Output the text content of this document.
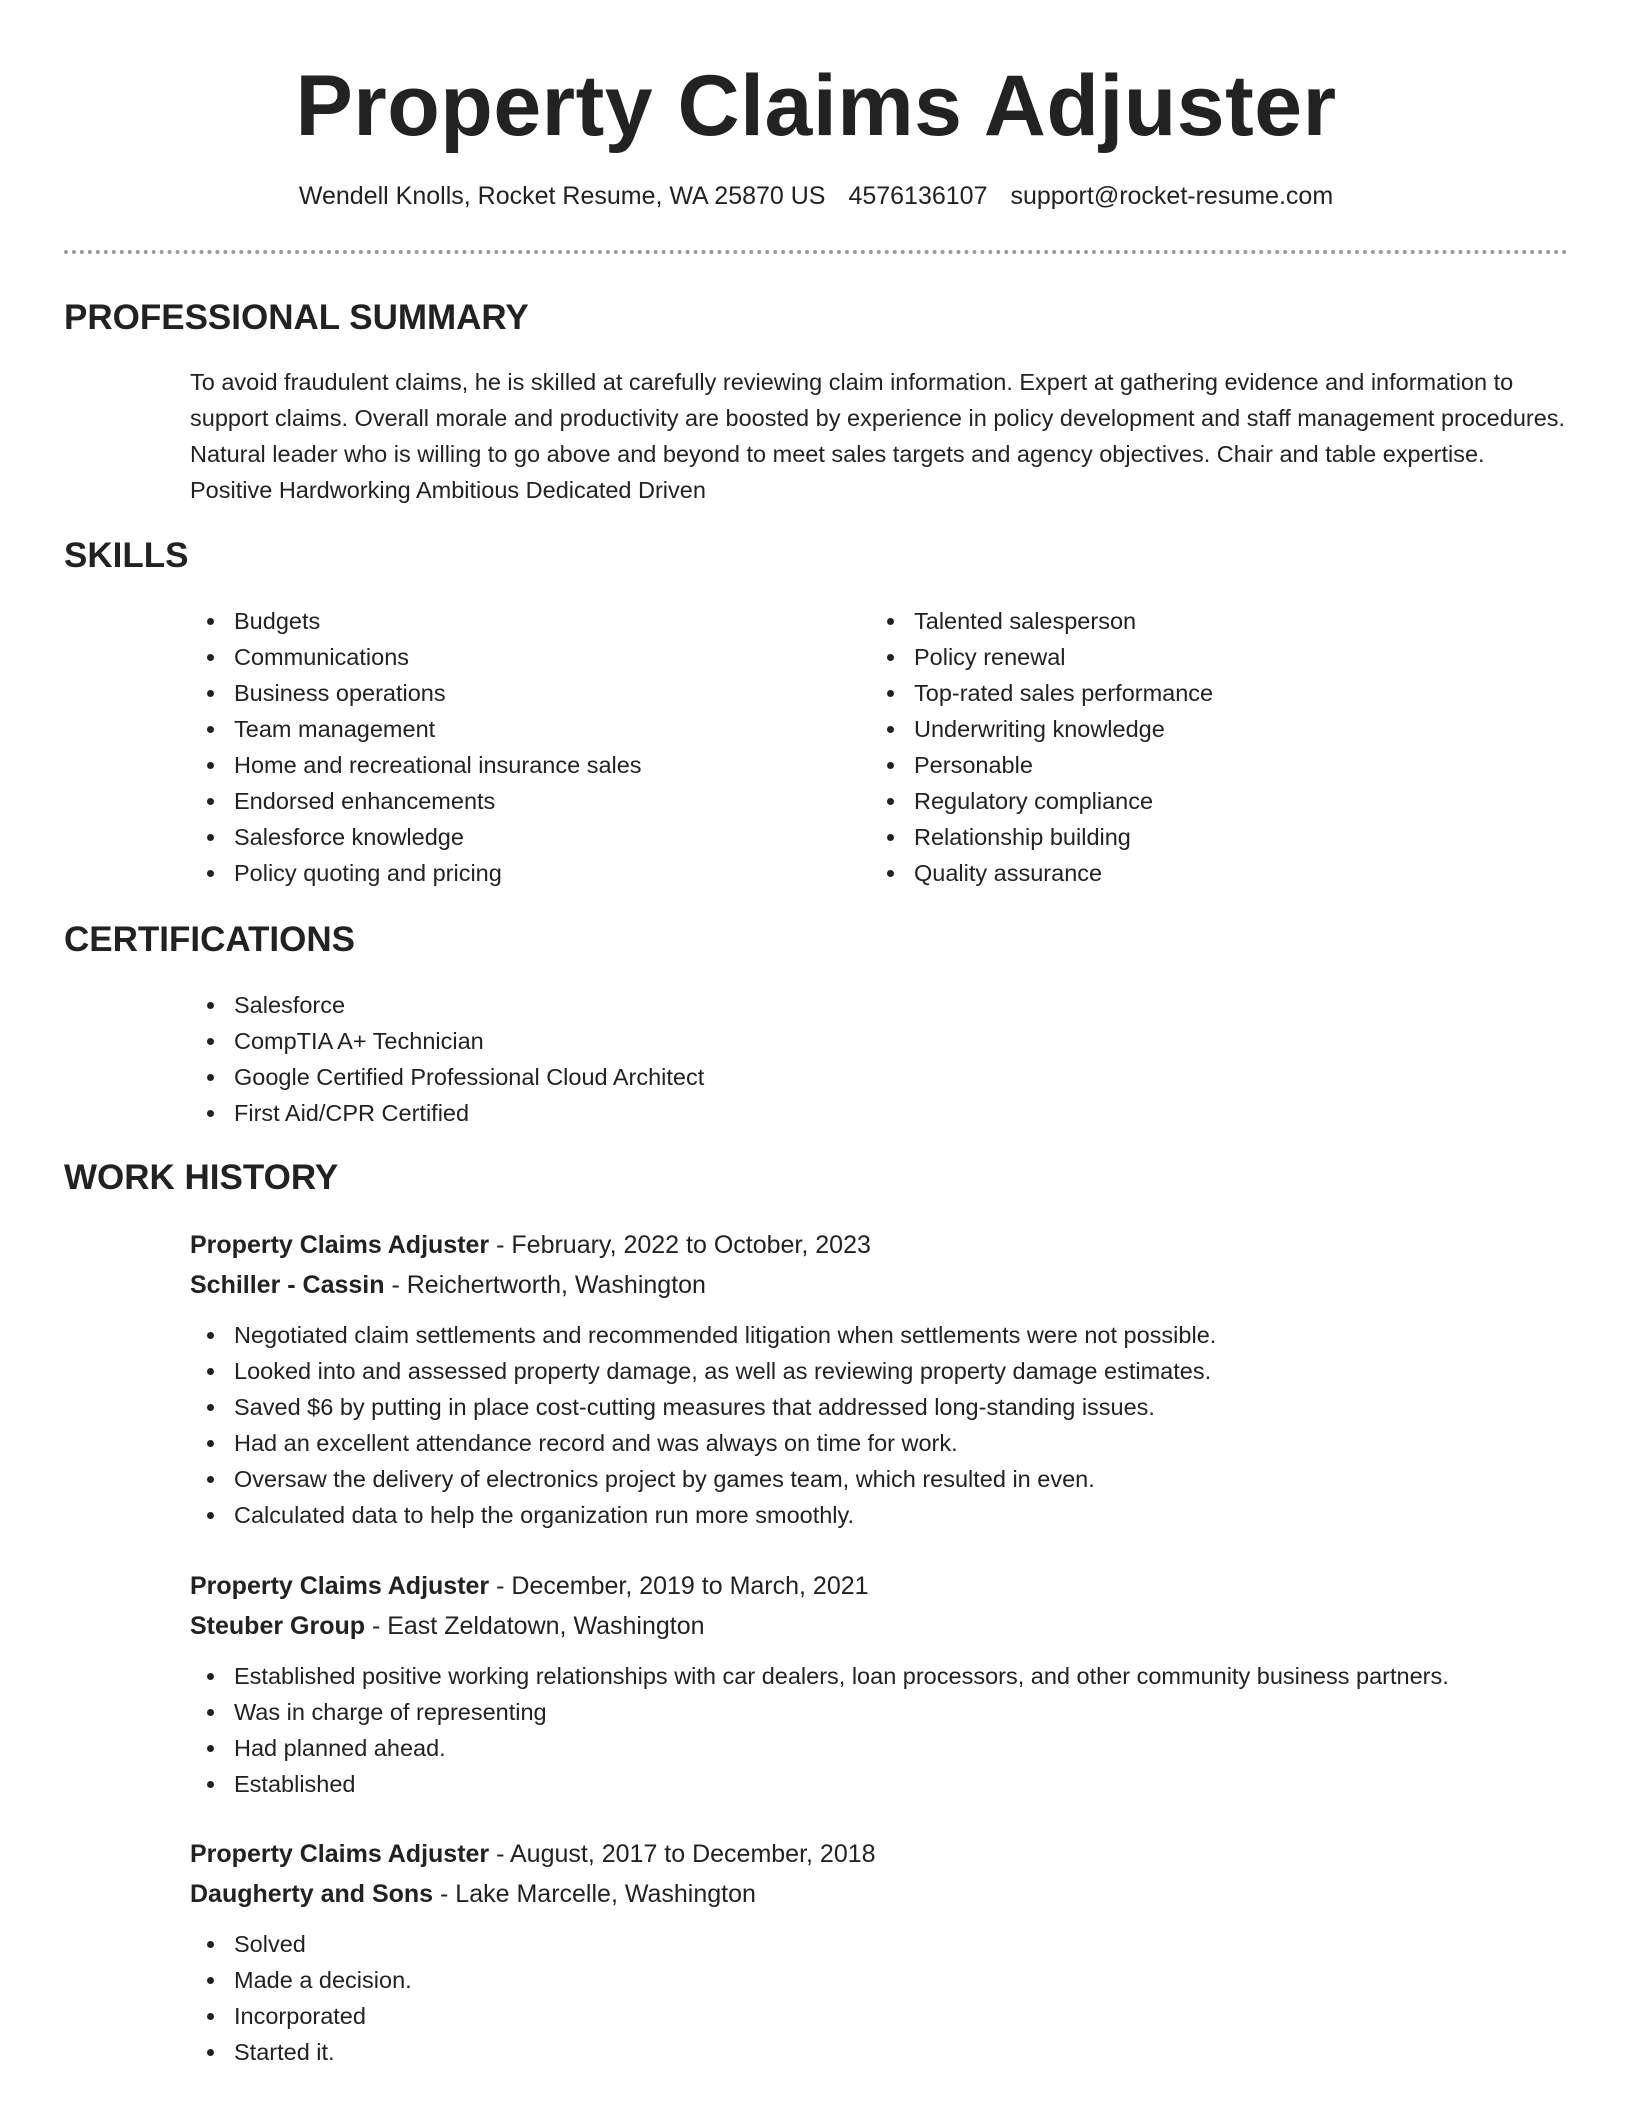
Property Claims Adjuster
Wendell Knolls, Rocket Resume, WA 25870 US 4576136107 support@rocket-resume.com
PROFESSIONAL SUMMARY

To avoid fraudulent claims, he is skilled at carefully reviewing claim information. Expert at gathering evidence and information to support claims. Overall morale and productivity are boosted by experience in policy development and staff management procedures. Natural leader who is willing to go above and beyond to meet sales targets and agency objectives. Chair and table expertise. Positive Hardworking Ambitious Dedicated Driven

SKILLS
Budgets
Communications
Business operations
Team management
Home and recreational insurance sales
Endorsed enhancements
Salesforce knowledge
Policy quoting and pricing
Talented salesperson
Policy renewal
Top-rated sales performance
Underwriting knowledge
Personable
Regulatory compliance
Relationship building
Quality assurance
CERTIFICATIONS
Salesforce
CompTIA A+ Technician
Google Certified Professional Cloud Architect
First Aid/CPR Certified
WORK HISTORY
Property Claims Adjuster - February, 2022 to October, 2023
Schiller - Cassin - Reichertworth, Washington
Negotiated claim settlements and recommended litigation when settlements were not possible.
Looked into and assessed property damage, as well as reviewing property damage estimates.
Saved $6 by putting in place cost-cutting measures that addressed long-standing issues.
Had an excellent attendance record and was always on time for work.
Oversaw the delivery of electronics project by games team, which resulted in even.
Calculated data to help the organization run more smoothly.
Property Claims Adjuster - December, 2019 to March, 2021
Steuber Group - East Zeldatown, Washington
Established positive working relationships with car dealers, loan processors, and other community business partners.
Was in charge of representing
Had planned ahead.
Established
Property Claims Adjuster - August, 2017 to December, 2018
Daugherty and Sons - Lake Marcelle, Washington
Solved
Made a decision.
Incorporated
Started it.
